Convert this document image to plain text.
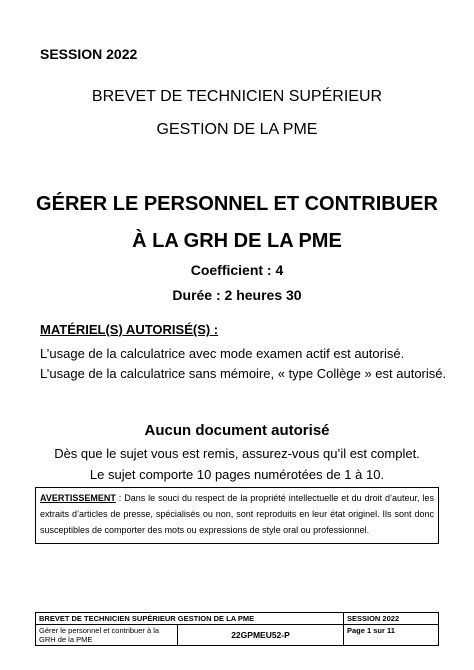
SESSION 2022
BREVET DE TECHNICIEN SUPÉRIEUR
GESTION DE LA PME
GÉRER LE PERSONNEL ET CONTRIBUER
À LA GRH DE LA PME
Coefficient : 4
Durée : 2 heures 30
MATÉRIEL(S) AUTORISÉ(S) :
L’usage de la calculatrice avec mode examen actif est autorisé.
L’usage de la calculatrice sans mémoire, « type Collège » est autorisé.
Aucun document autorisé
Dès que le sujet vous est remis, assurez-vous qu’il est complet.
Le sujet comporte 10 pages numérotées de 1 à 10.
AVERTISSEMENT : Dans le souci du respect de la propriété intellectuelle et du droit d’auteur, les extraits d’articles de presse, spécialisés ou non, sont reproduits en leur état originel. Ils sont donc susceptibles de comporter des mots ou expressions de style oral ou professionnel.
BREVET DE TECHNICIEN SUPÉRIEUR GESTION DE LA PME		SESSION 2022
Gérer le personnel et contribuer à la GRH de la PME	22GPMEU52-P	Page 1 sur 11
